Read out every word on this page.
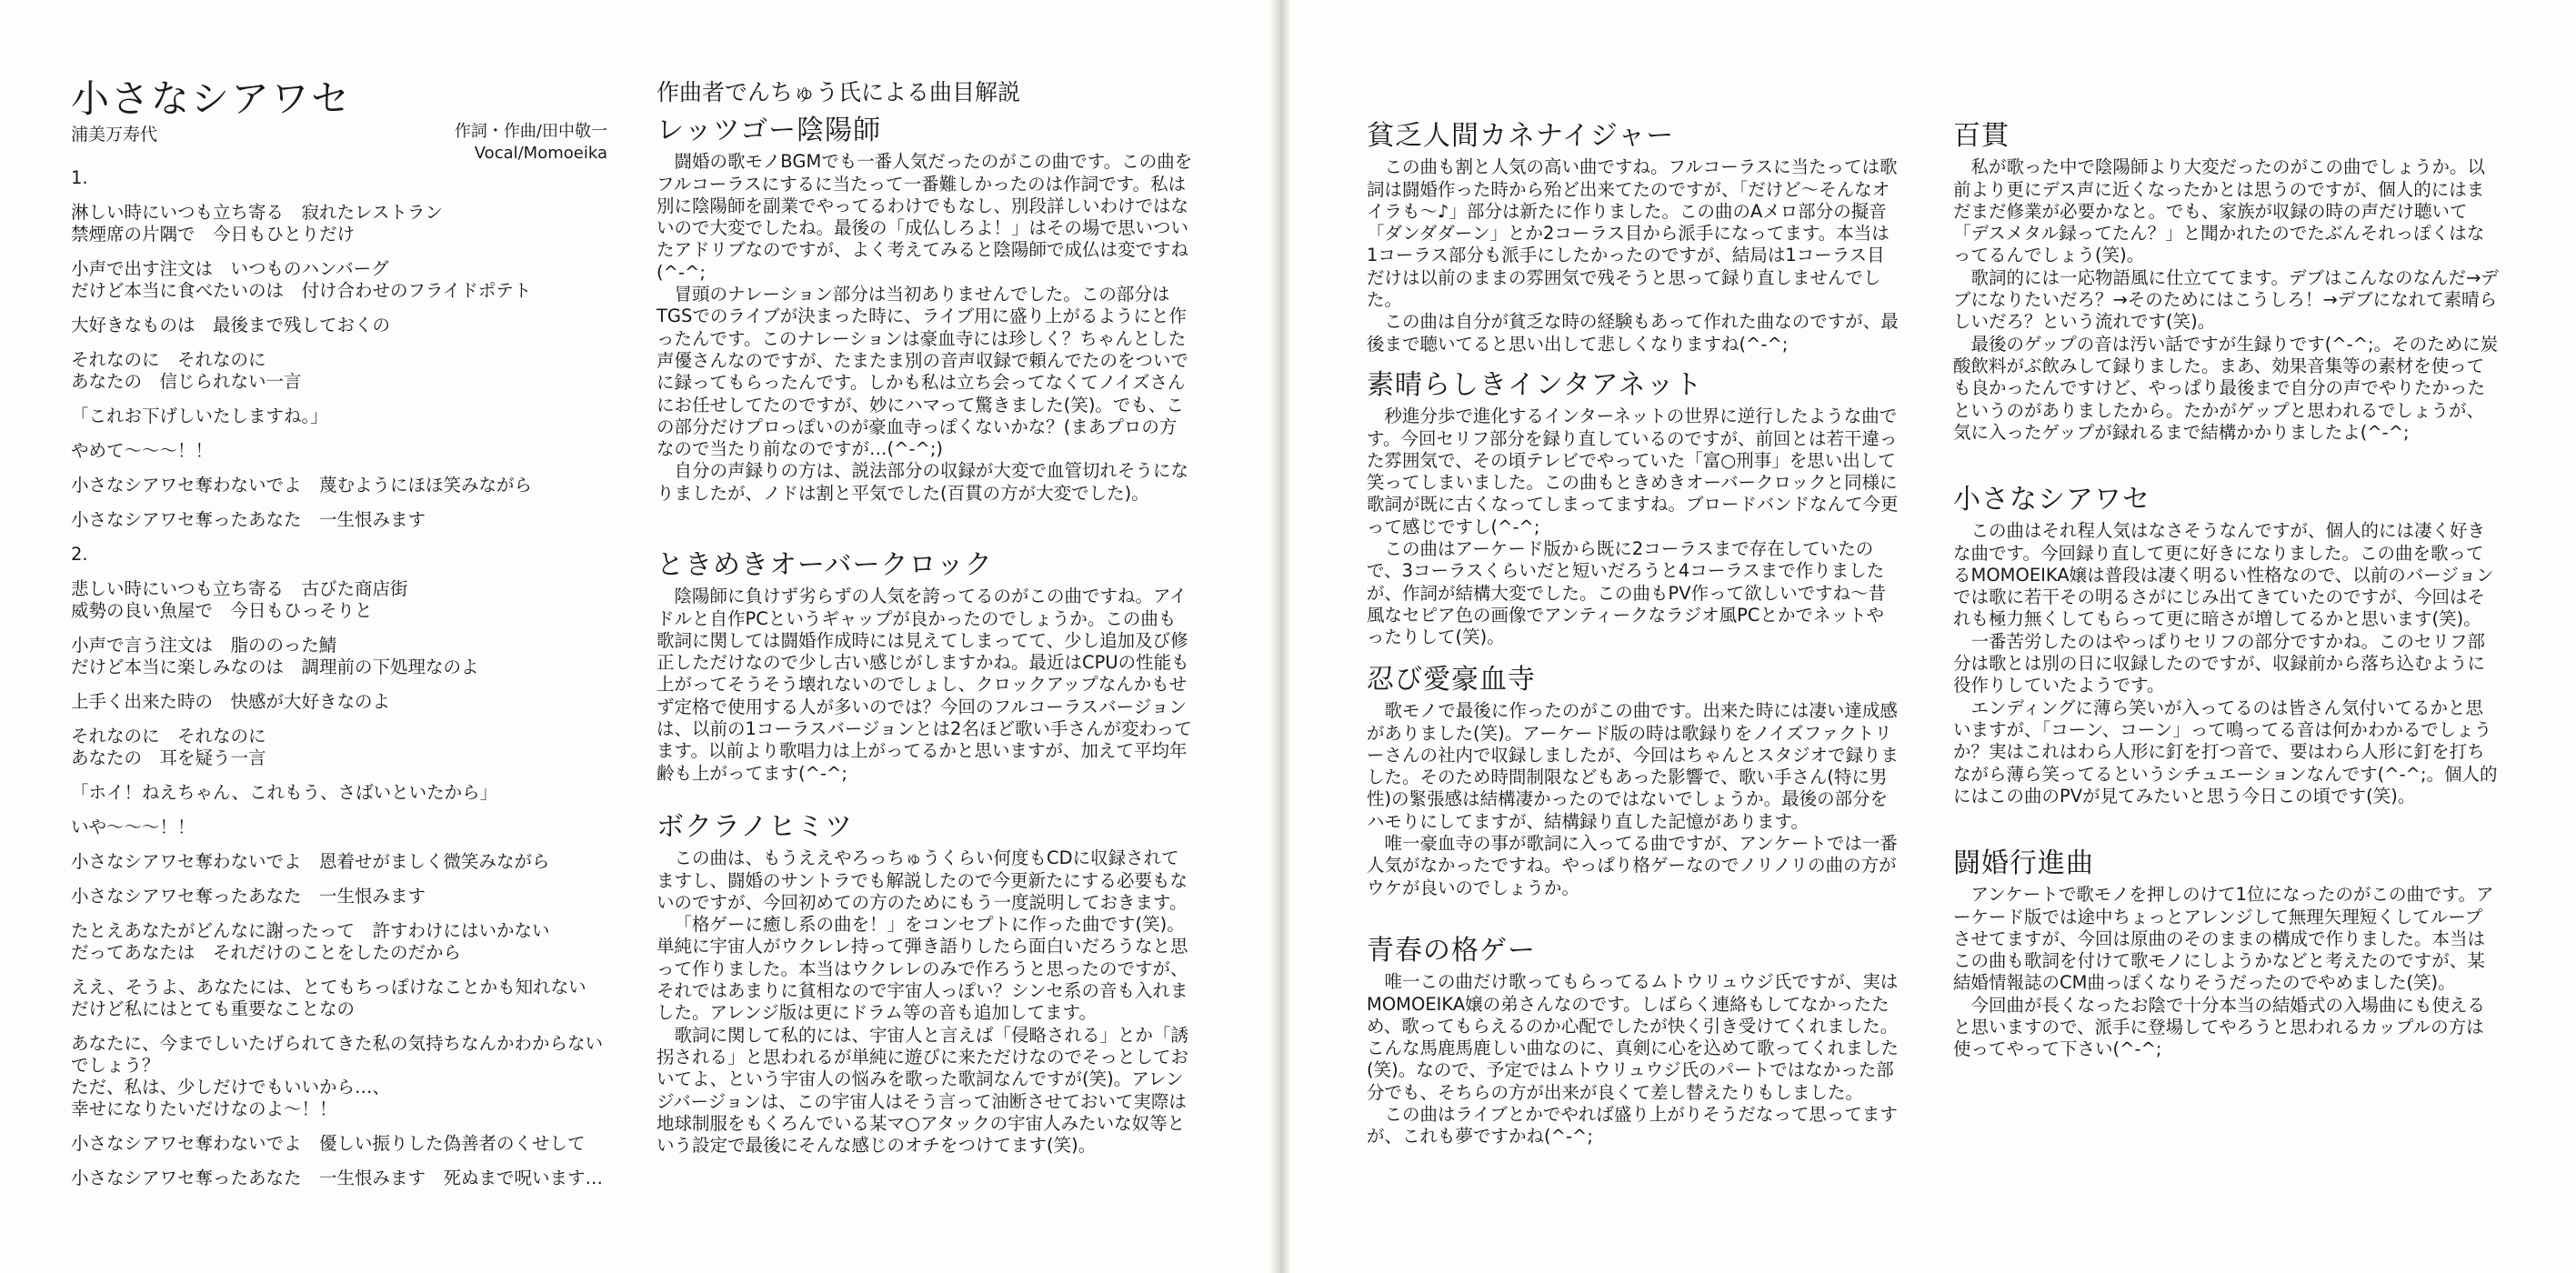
小さなシアワセ
浦美万寿代	作詞・作曲/田中敬一
Vocal/Momoeika

1.

淋しい時にいつも立ち寄る　寂れたレストラン

禁煙席の片隅で　今日もひとりだけ

小声で出す注文は　いつものハンバーグ

だけど本当に食べたいのは　付け合わせのフライドポテト

大好きなものは　最後まで残しておくの

それなのに　それなのに

あなたの　信じられない一言

「これお下げしいたしますね。」

やめて～～～！！

小さなシアワセ奪わないでよ　蔑むようにほほ笑みながら

小さなシアワセ奪ったあなた　一生恨みます

2.

悲しい時にいつも立ち寄る　古びた商店街

威勢の良い魚屋で　今日もひっそりと

小声で言う注文は　脂ののった鯖

だけど本当に楽しみなのは　調理前の下処理なのよ

上手く出来た時の　快感が大好きなのよ

それなのに　それなのに

あなたの　耳を疑う一言

「ホイ！ねえちゃん、これもう、さばいといたから」

いや～～～！！

小さなシアワセ奪わないでよ　恩着せがましく微笑みながら

小さなシアワセ奪ったあなた　一生恨みます

たとえあなたがどんなに謝ったって　許すわけにはいかない

だってあなたは　それだけのことをしたのだから

ええ、そうよ、あなたには、とてもちっぽけなことかも知れない

だけど私にはとても重要なことなの

あなたに、今までしいたげられてきた私の気持ちなんかわからないでしょう？

ただ、私は、少しだけでもいいから…、

幸せになりたいだけなのよ～！！

小さなシアワセ奪わないでよ　優しい振りした偽善者のくせして

小さなシアワセ奪ったあなた　一生恨みます　死ぬまで呪います…

作曲者でんちゅう氏による曲目解説
レッツゴー陰陽師

闘婚の歌モノBGMでも一番人気だったのがこの曲です。この曲をフルコーラスにするに当たって一番難しかったのは作詞です。私は別に陰陽師を副業でやってるわけでもなし、別段詳しいわけではないので大変でしたね。最後の「成仏しろよ！」はその場で思いついたアドリブなのですが、よく考えてみると陰陽師で成仏は変ですね(^-^;

冒頭のナレーション部分は当初ありませんでした。この部分はTGSでのライブが決まった時に、ライブ用に盛り上がるようにと作ったんです。このナレーションは豪血寺には珍しく？ちゃんとした声優さんなのですが、たまたま別の音声収録で頼んでたのをついでに録ってもらったんです。しかも私は立ち会ってなくてノイズさんにお任せしてたのですが、妙にハマって驚きました(笑)。でも、この部分だけプロっぽいのが豪血寺っぽくないかな？(まあプロの方なので当たり前なのですが…(^-^;)

自分の声録りの方は、説法部分の収録が大変で血管切れそうになりましたが、ノドは割と平気でした(百貫の方が大変でした)。

ときめきオーバークロック

陰陽師に負けず劣らずの人気を誇ってるのがこの曲ですね。アイドルと自作PCというギャップが良かったのでしょうか。この曲も歌詞に関しては闘婚作成時には見えてしまってて、少し追加及び修正しただけなので少し古い感じがしますかね。最近はCPUの性能も上がってそうそう壊れないのでしょし、クロックアップなんかもせず定格で使用する人が多いのでは？今回のフルコーラスバージョンは、以前の1コーラスバージョンとは2名ほど歌い手さんが変わってます。以前より歌唱力は上がってるかと思いますが、加えて平均年齢も上がってます(^-^;

ボクラノヒミツ

この曲は、もうええやろっちゅうくらい何度もCDに収録されてますし、闘婚のサントラでも解説したので今更新たにする必要もないのですが、今回初めての方のためにもう一度説明しておきます。

「格ゲーに癒し系の曲を！」をコンセプトに作った曲です(笑)。単純に宇宙人がウクレレ持って弾き語りしたら面白いだろうなと思って作りました。本当はウクレレのみで作ろうと思ったのですが、それではあまりに貧相なので宇宙人っぽい？シンセ系の音も入れました。アレンジ版は更にドラム等の音も追加してます。

歌詞に関して私的には、宇宙人と言えば「侵略される」とか「誘拐される」と思われるが単純に遊びに来ただけなのでそっとしておいてよ、という宇宙人の悩みを歌った歌詞なんですが(笑)。アレンジバージョンは、この宇宙人はそう言って油断させておいて実際は地球制服をもくろんでいる某マ○アタックの宇宙人みたいな奴等という設定で最後にそんな感じのオチをつけてます(笑)。

貧乏人間カネナイジャー

この曲も割と人気の高い曲ですね。フルコーラスに当たっては歌詞は闘婚作った時から殆ど出来てたのですが、「だけど～そんなオイラも～♪」部分は新たに作りました。この曲のAメロ部分の擬音「ダンダダーン」とか2コーラス目から派手になってます。本当は1コーラス部分も派手にしたかったのですが、結局は1コーラス目だけは以前のままの雰囲気で残そうと思って録り直しませんでした。

この曲は自分が貧乏な時の経験もあって作れた曲なのですが、最後まで聴いてると思い出して悲しくなりますね(^-^;

素晴らしきインタアネット

秒進分歩で進化するインターネットの世界に逆行したような曲です。今回セリフ部分を録り直しているのですが、前回とは若干違った雰囲気で、その頃テレビでやっていた「富○刑事」を思い出して笑ってしまいました。この曲もときめきオーバークロックと同様に歌詞が既に古くなってしまってますね。ブロードバンドなんて今更って感じですし(^-^;

この曲はアーケード版から既に2コーラスまで存在していたので、3コーラスくらいだと短いだろうと4コーラスまで作りましたが、作詞が結構大変でした。この曲もPV作って欲しいですね～昔風なセピア色の画像でアンティークなラジオ風PCとかでネットやったりして(笑)。

忍び愛豪血寺

歌モノで最後に作ったのがこの曲です。出来た時には凄い達成感がありました(笑)。アーケード版の時は歌録りをノイズファクトリーさんの社内で収録しましたが、今回はちゃんとスタジオで録りました。そのため時間制限などもあった影響で、歌い手さん(特に男性)の緊張感は結構凄かったのではないでしょうか。最後の部分をハモりにしてますが、結構録り直した記憶があります。

唯一豪血寺の事が歌詞に入ってる曲ですが、アンケートでは一番人気がなかったですね。やっぱり格ゲーなのでノリノリの曲の方がウケが良いのでしょうか。

青春の格ゲー

唯一この曲だけ歌ってもらってるムトウリュウジ氏ですが、実はMOMOEIKA嬢の弟さんなのです。しばらく連絡もしてなかったため、歌ってもらえるのか心配でしたが快く引き受けてくれました。こんな馬鹿馬鹿しい曲なのに、真剣に心を込めて歌ってくれました(笑)。なので、予定ではムトウリュウジ氏のパートではなかった部分でも、そちらの方が出来が良くて差し替えたりもしました。

この曲はライブとかでやれば盛り上がりそうだなって思ってますが、これも夢ですかね(^-^;

百貫

私が歌った中で陰陽師より大変だったのがこの曲でしょうか。以前より更にデス声に近くなったかとは思うのですが、個人的にはまだまだ修業が必要かなと。でも、家族が収録の時の声だけ聴いて「デスメタル録ってたん？」と聞かれたのでたぶんそれっぽくはなってるんでしょう(笑)。

歌詞的には一応物語風に仕立ててます。デブはこんなのなんだ→デブになりたいだろ？→そのためにはこうしろ！→デブになれて素晴らしいだろ？という流れです(笑)。

最後のゲップの音は汚い話ですが生録りです(^-^;。そのために炭酸飲料がぶ飲みして録りました。まあ、効果音集等の素材を使っても良かったんですけど、やっぱり最後まで自分の声でやりたかったというのがありましたから。たかがゲップと思われるでしょうが、気に入ったゲップが録れるまで結構かかりましたよ(^-^;

小さなシアワセ

この曲はそれ程人気はなさそうなんですが、個人的には凄く好きな曲です。今回録り直して更に好きになりました。この曲を歌ってるMOMOEIKA嬢は普段は凄く明るい性格なので、以前のバージョンでは歌に若干その明るさがにじみ出てきていたのですが、今回はそれも極力無くしてもらって更に暗さが増してるかと思います(笑)。

一番苦労したのはやっぱりセリフの部分ですかね。このセリフ部分は歌とは別の日に収録したのですが、収録前から落ち込むように役作りしていたようです。

エンディングに薄ら笑いが入ってるのは皆さん気付いてるかと思いますが、「コーン、コーン」って鳴ってる音は何かわかるでしょうか？実はこれはわら人形に釘を打つ音で、要はわら人形に釘を打ちながら薄ら笑ってるというシチュエーションなんです(^-^;。個人的にはこの曲のPVが見てみたいと思う今日この頃です(笑)。

闘婚行進曲

アンケートで歌モノを押しのけて1位になったのがこの曲です。アーケード版では途中ちょっとアレンジして無理矢理短くしてループさせてますが、今回は原曲のそのままの構成で作りました。本当はこの曲も歌詞を付けて歌モノにしようかなどと考えたのですが、某結婚情報誌のCM曲っぽくなりそうだったのでやめました(笑)。

今回曲が長くなったお陰で十分本当の結婚式の入場曲にも使えると思いますので、派手に登場してやろうと思われるカップルの方は使ってやって下さい(^-^;
